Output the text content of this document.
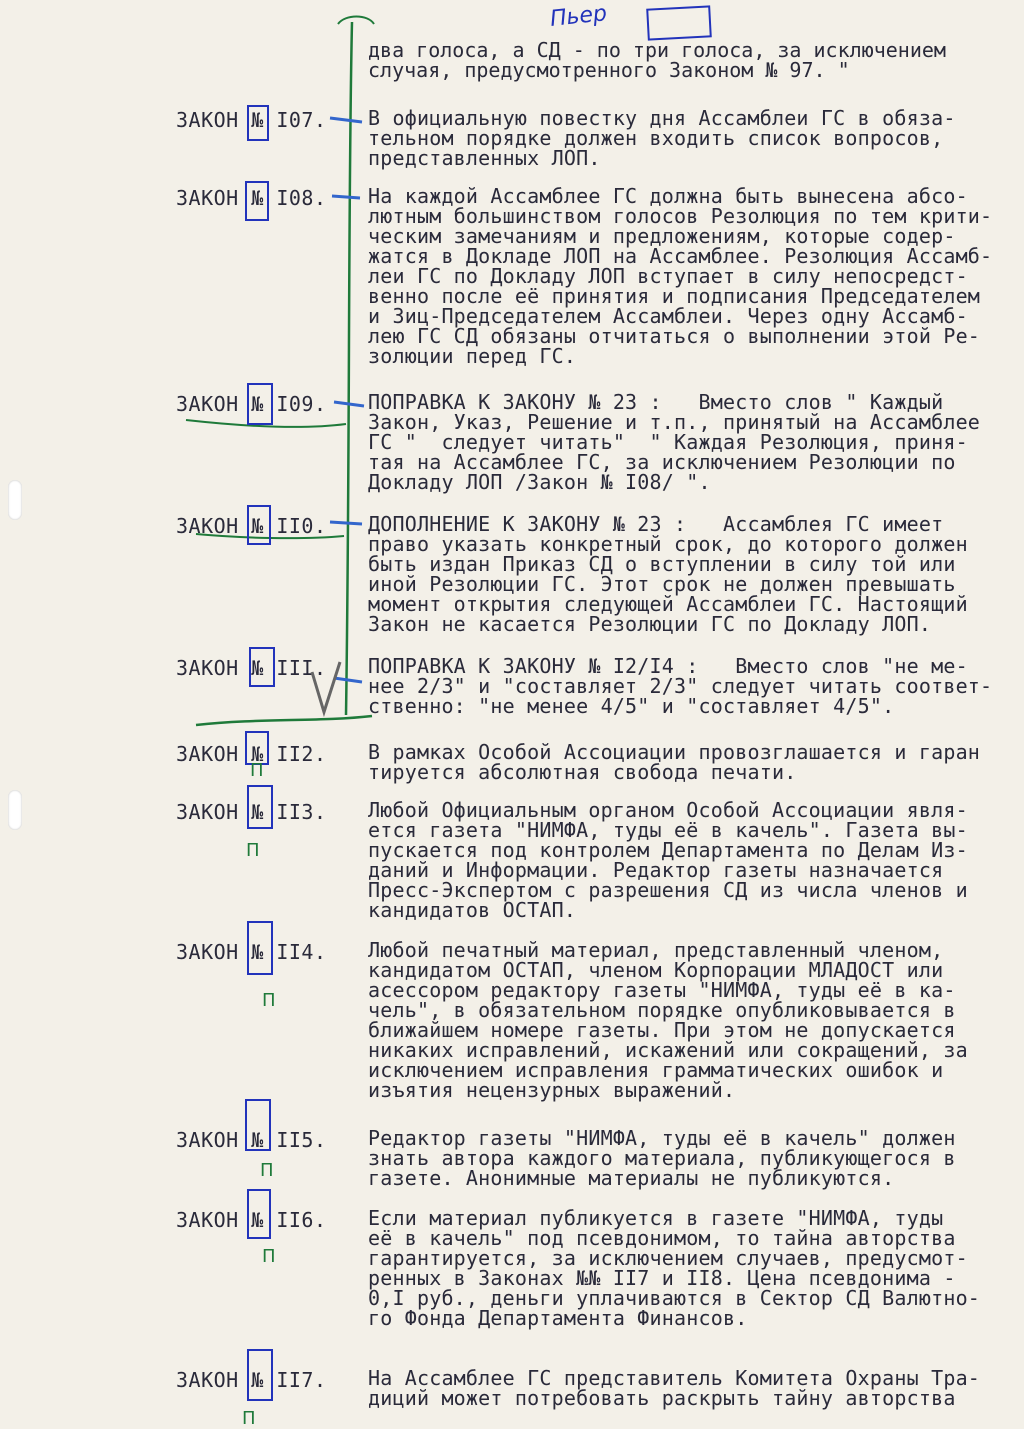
Пьер
два голоса, а СД - по три голоса, за исключением
случая, предусмотренного Законом № 97. "
ЗАКОН № I07. В официальную повестку дня Ассамблеи ГС в обяза-
тельном порядке должен входить список вопросов,
представленных ЛОП.
ЗАКОН № I08. На каждой Ассамблее ГС должна быть вынесена абсо-
лютным большинством голосов Резолюция по тем крити-
ческим замечаниям и предложениям, которые содер-
жатся в Докладе ЛОП на Ассамблее. Резолюция Ассамб-
леи ГС по Докладу ЛОП вступает в силу непосредст-
венно после её принятия и подписания Председателем
и Зиц-Председателем Ассамблеи. Через одну Ассамб-
лею ГС СД обязаны отчитаться о выполнении этой Ре-
золюции перед ГС.
ЗАКОН № I09. ПОПРАВКА К ЗАКОНУ № 23 :   Вместо слов " Каждый
Закон, Указ, Решение и т.п., принятый на Ассамблее
ГС "  следует читать"  " Каждая Резолюция, приня-
тая на Ассамблее ГС, за исключением Резолюции по
Докладу ЛОП /Закон № I08/ ".
ЗАКОН № II0. ДОПОЛНЕНИЕ К ЗАКОНУ № 23 :   Ассамблея ГС имеет
право указать конкретный срок, до которого должен
быть издан Приказ СД о вступлении в силу той или
иной Резолюции ГС. Этот срок не должен превышать
момент открытия следующей Ассамблеи ГС. Настоящий
Закон не касается Резолюции ГС по Докладу ЛОП.
ЗАКОН № III. ПОПРАВКА К ЗАКОНУ № I2/I4 :   Вместо слов "не ме-
нее 2/3" и "составляет 2/3" следует читать соответ-
ственно: "не менее 4/5" и "составляет 4/5".
ЗАКОН № II2. В рамках Особой Ассоциации провозглашается и гаран
тируется абсолютная свобода печати.
ЗАКОН № II3. Любой Официальным органом Особой Ассоциации явля-
ется газета "НИМФА, туды её в качель". Газета вы-
пускается под контролем Департамента по Делам Из-
даний и Информации. Редактор газеты назначается
Пресс-Экспертом с разрешения СД из числа членов и
кандидатов ОСТАП.
ЗАКОН № II4. Любой печатный материал, представленный членом,
кандидатом ОСТАП, членом Корпорации МЛАДОСТ или
асессором редактору газеты "НИМФА, туды её в ка-
чель", в обязательном порядке опубликовывается в
ближайшем номере газеты. При этом не допускается
никаких исправлений, искажений или сокращений, за
исключением исправления грамматических ошибок и
изъятия нецензурных выражений.
ЗАКОН № II5. Редактор газеты "НИМФА, туды её в качель" должен
знать автора каждого материала, публикующегося в
газете. Анонимные материалы не публикуются.
ЗАКОН № II6. Если материал публикуется в газете "НИМФА, туды
её в качель" под псевдонимом, то тайна авторства
гарантируется, за исключением случаев, предусмот-
ренных в Законах №№ II7 и II8. Цена псевдонима -
0,I руб., деньги уплачиваются в Сектор СД Валютно-
го Фонда Департамента Финансов.
ЗАКОН № II7. На Ассамблее ГС представитель Комитета Охраны Тра-
диций может потребовать раскрыть тайну авторства
П
П
П
П
П
П
